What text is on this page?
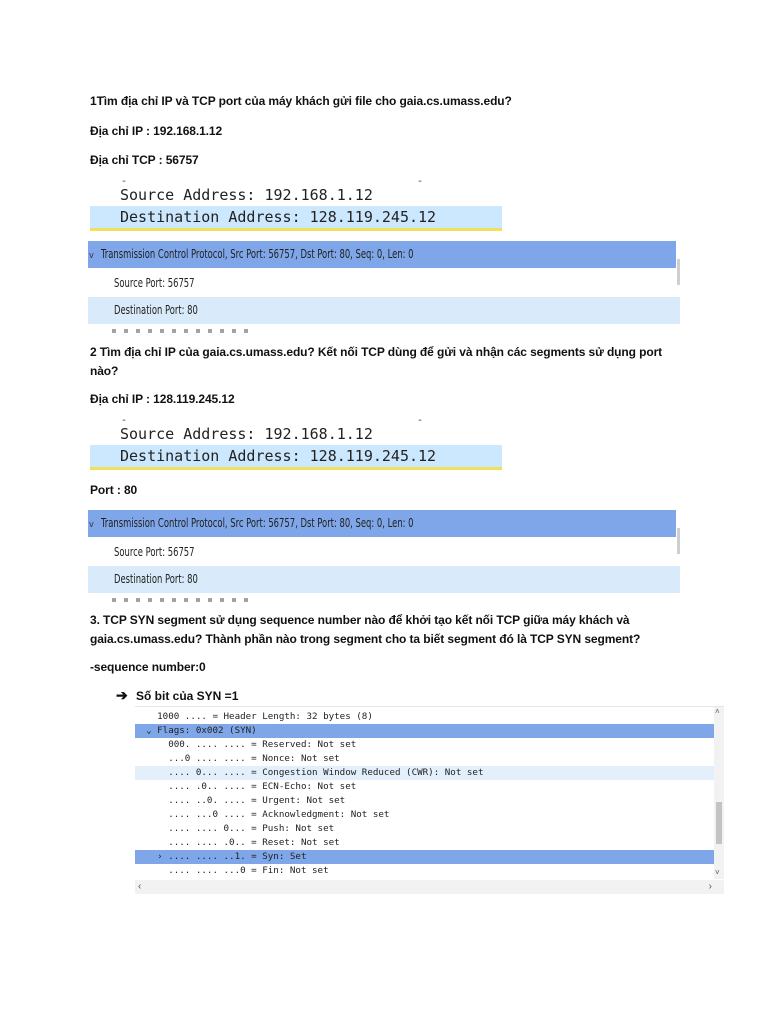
1Tìm địa chỉ IP và TCP port của máy khách gửi file cho gaia.cs.umass.edu?

Địa chỉ IP : 192.168.1.12

Địa chỉ TCP : 56757

-	-
Source Address: 192.168.1.12
Destination Address: 128.119.245.12
v Transmission Control Protocol, Src Port: 56757, Dst Port: 80, Seq: 0, Len: 0
Source Port: 56757
Destination Port: 80

2 Tìm địa chỉ IP của gaia.cs.umass.edu? Kết nối TCP dùng để gửi và nhận các segments sử dụng port nào?

Địa chỉ IP : 128.119.245.12

-	-
Source Address: 192.168.1.12
Destination Address: 128.119.245.12

Port : 80

v Transmission Control Protocol, Src Port: 56757, Dst Port: 80, Seq: 0, Len: 0
Source Port: 56757
Destination Port: 80

3. TCP SYN segment sử dụng sequence number nào để khởi tạo kết nối TCP giữa máy khách và gaia.cs.umass.edu? Thành phần nào trong segment cho ta biết segment đó là TCP SYN segment?

-sequence number:0

➔ Số bit của SYN =1
1000 .... = Header Length: 32 bytes (8)
⌄ Flags: 0x002 (SYN)
000. .... .... = Reserved: Not set
...0 .... .... = Nonce: Not set
.... 0... .... = Congestion Window Reduced (CWR): Not set
.... .0.. .... = ECN-Echo: Not set
.... ..0. .... = Urgent: Not set
.... ...0 .... = Acknowledgment: Not set
.... .... 0... = Push: Not set
.... .... .0.. = Reset: Not set
› .... .... ..1. = Syn: Set
.... .... ...0 = Fin: Not set
˄
˅
‹	›
